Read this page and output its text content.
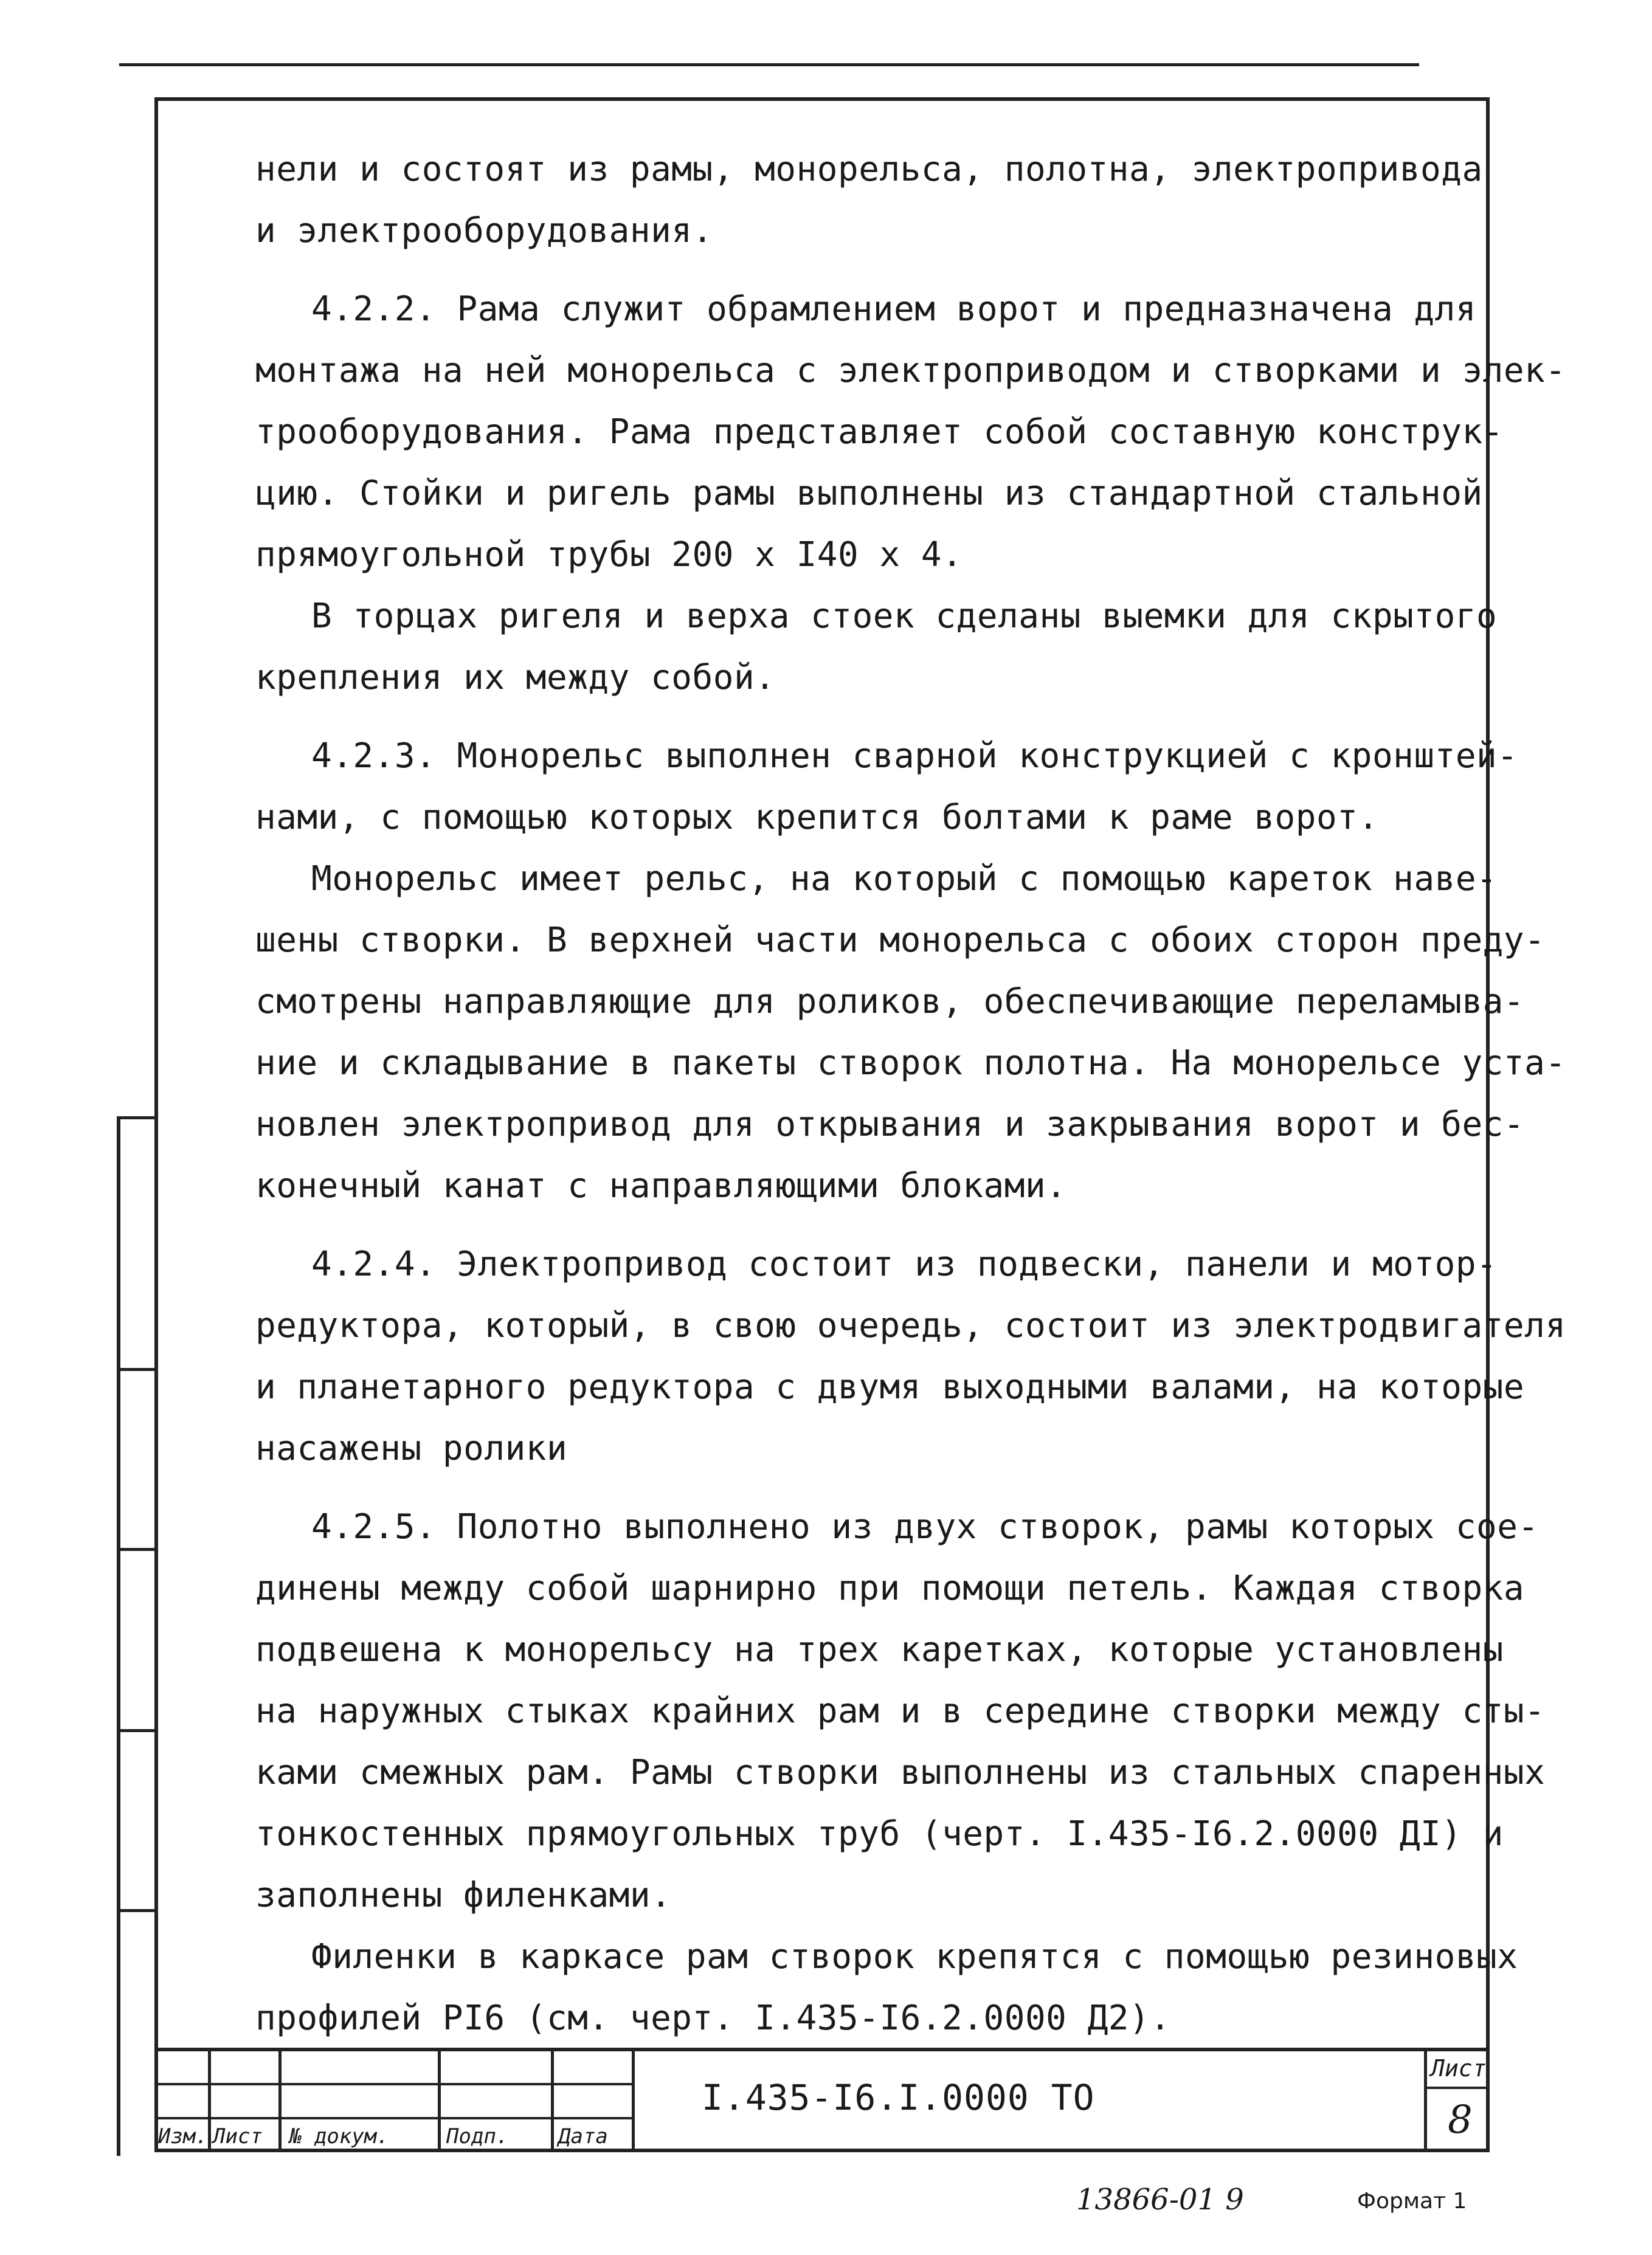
нели и состоят из рамы, монорельса, полотна, электропривода

и электрооборудования.

4.2.2. Рама служит обрамлением ворот и предназначена для

монтажа на ней монорельса с электроприводом и створками и элек-

трооборудования. Рама представляет собой составную конструк-

цию. Стойки и ригель рамы выполнены из стандартной стальной

прямоугольной трубы 200 х I40 х 4.

В торцах ригеля и верха стоек сделаны выемки для скрытого

крепления их между собой.

4.2.3. Монорельс выполнен сварной конструкцией с кронштей-

нами, с помощью которых крепится болтами к раме ворот.

Монорельс имеет рельс, на который с помощью кареток наве-

шены створки. В верхней части монорельса с обоих сторон преду-

смотрены направляющие для роликов, обеспечивающие переламыва-

ние и складывание в пакеты створок полотна. На монорельсе уста-

новлен электропривод для открывания и закрывания ворот и бес-

конечный канат с направляющими блоками.

4.2.4. Электропривод состоит из подвески, панели и мотор-

редуктора, который, в свою очередь, состоит из электродвигателя

и планетарного редуктора с двумя выходными валами, на которые

насажены ролики

4.2.5. Полотно выполнено из двух створок, рамы которых сое-

динены между собой шарнирно при помощи петель. Каждая створка

подвешена к монорельсу на трех каретках, которые установлены

на наружных стыках крайних рам и в середине створки между сты-

ками смежных рам. Рамы створки выполнены из стальных спаренных

тонкостенных прямоугольных труб (черт. I.435-I6.2.0000 ДI) и

заполнены филенками.

Филенки в каркасе рам створок крепятся с помощью резиновых

профилей PI6 (см. черт. I.435-I6.2.0000 Д2).

Изм. Лист № докум.	Подп. Дата
I.435-I6.I.0000 ТО
Лист
8
13866-01 9	Формат 1
